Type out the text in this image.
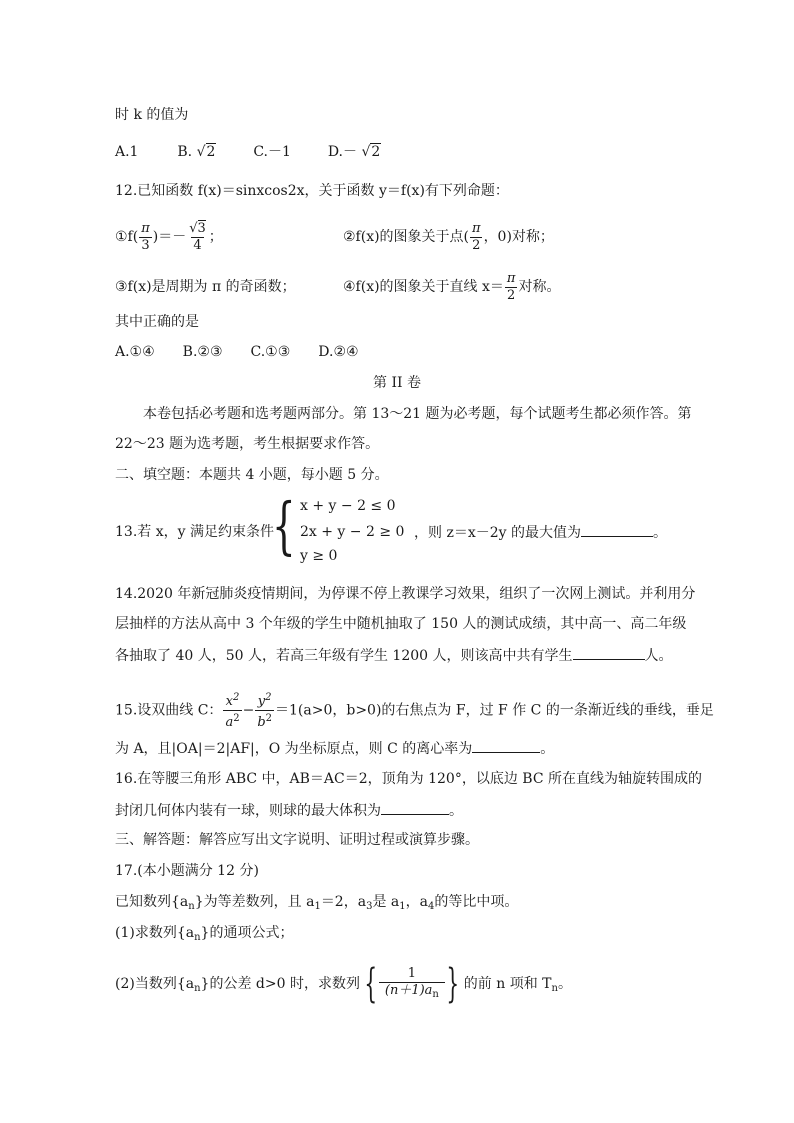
时 k 的值为
A.1	B. √2	C.－1	D.－ √2
12.已知函数 f(x)＝sinxcos2x，关于函数 y＝f(x)有下列命题：
①f( $\frac{\pi}{3}$ )＝－ $\frac{√3}{4}$ ；	②f(x)的图象关于点( $\frac{\pi}{2}$ ，0)对称；
③f(x)是周期为 π 的奇函数；	④f(x)的图象关于直线 $x= \frac{\pi}{2}$ 对称。
其中正确的是
A.①④　　B.②③　　C.①③　　D.②④
第 II 卷
本卷包括必考题和选考题两部分。第 13～21 题为必考题，每个试题考生都必须作答。第
22～23 题为选考题，考生根据要求作答。
二、填空题：本题共 4 小题，每小题 5 分。
13.若 x，y 满足约束条件
{ x + y − 2 ≤ 0
2x + y − 2 ≥ 0
y ≥ 0
，则 z＝x－2y 的最大值为	。
14.2020 年新冠肺炎疫情期间，为停课不停上教课学习效果，组织了一次网上测试。并利用分
层抽样的方法从高中 3 个年级的学生中随机抽取了 150 人的测试成绩，其中高一、高二年级
各抽取了 40 人，50 人，若高三年级有学生 1200 人，则该高中共有学生	人。
15.设双曲线 C： $\frac{x^2}{a^2} - \frac{y^2}{b^2} =1(a>0$，b>0)的右焦点为 F，过 F 作 C 的一条渐近线的垂线，垂足
为 A，且|OA|＝2|AF|，O 为坐标原点，则 C 的离心率为	。
16.在等腰三角形 ABC 中，AB＝AC＝2，顶角为 120°，以底边 BC 所在直线为轴旋转围成的
封闭几何体内装有一球，则球的最大体积为	。
三、解答题：解答应写出文字说明、证明过程或演算步骤。
17.(本小题满分 12 分)
已知数列$\{a_n\}$为等差数列，且 $a_1=2$，$a_3$是 $a_1$，$a_4$的等比中项。
(1)求数列$\{a_n\}$的通项公式；
(2)当数列$\{a_n\}$的公差 d>0 时，求数列 { $\frac{1}{(n+1)a_n}$ } 的前 n 项和 $T_n$。
